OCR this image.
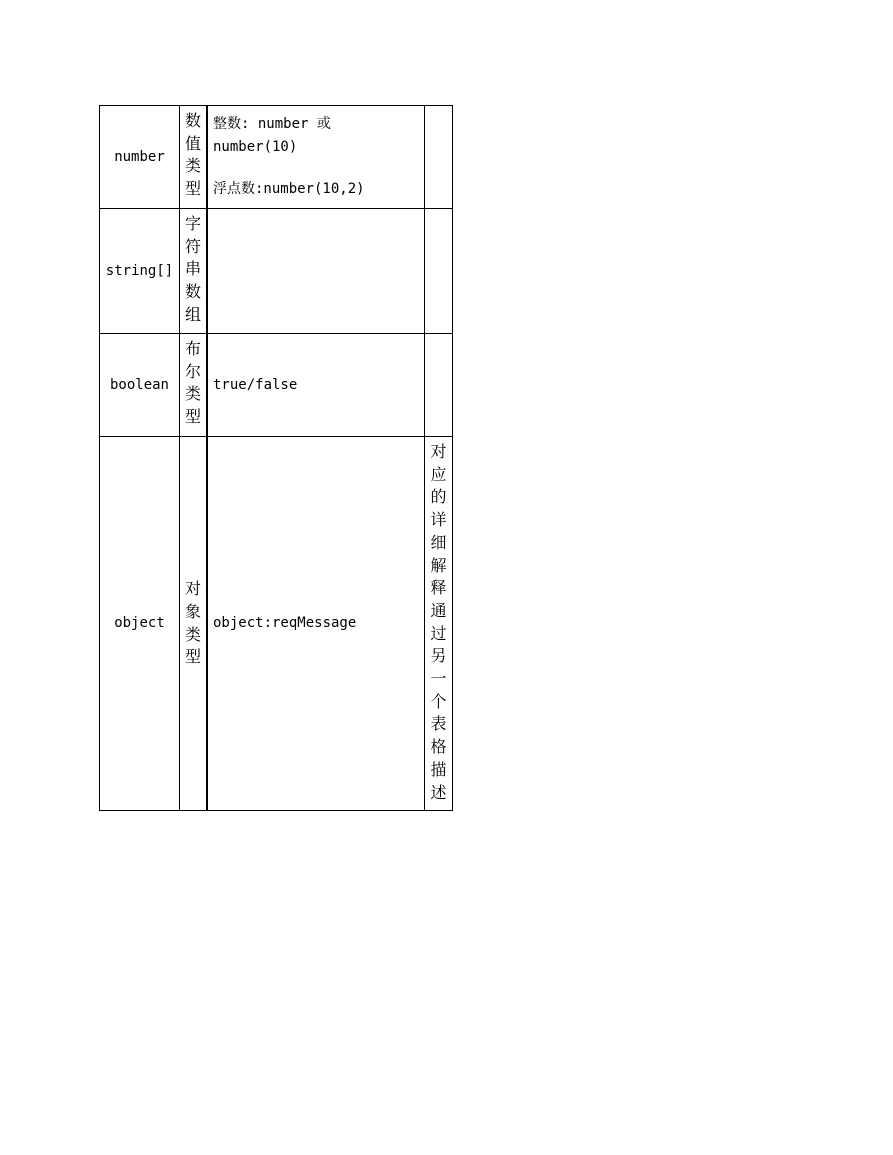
number	数值类型	整数: number 或
number(10)
浮点数:number(10,2)	

string[]	字符串数组		
boolean	布尔类型	true/false	

object	对象类型	object:reqMessage	对应的详细解释通过另一个表格描述
